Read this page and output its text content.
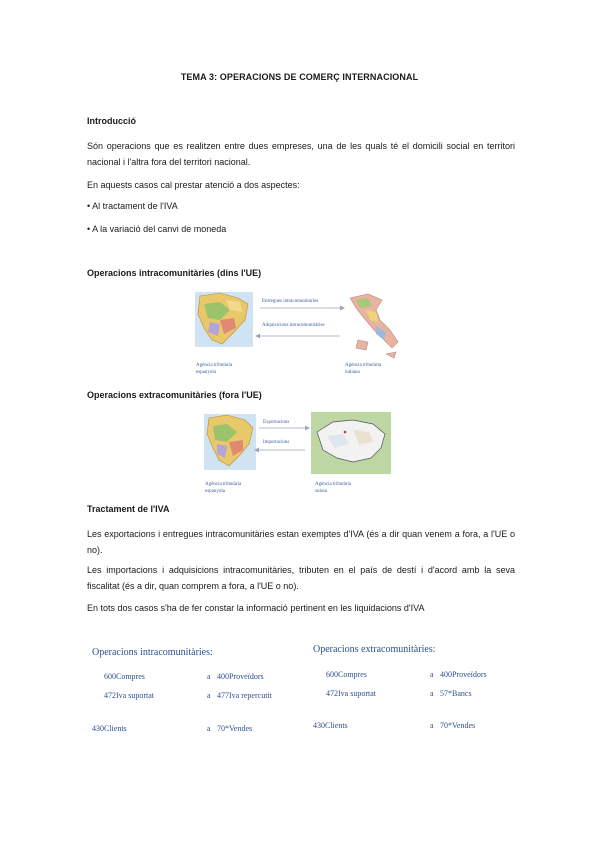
TEMA 3: OPERACIONS DE COMERÇ INTERNACIONAL
Introducció
Són operacions que es realitzen entre dues empreses, una de les quals té el domicili social en territori nacional i l'altra fora del territori nacional.
En aquests casos cal prestar atenció a dos aspectes:
• Al tractament de l'IVA
• A la variació del canvi de moneda
Operacions intracomunitàries (dins l'UE)
Entregues intracomunitàries
Adquisicions intracomunitàries
Agència tributària
espanyola
Agència tributària
italiana
Operacions extracomunitàries (fora l'UE)
Exportacions
Importacions
Agència tributària
espanyola
Agència tributària
suissa
Tractament de l'IVA
Les exportacions i entregues intracomunitàries estan exemptes d'IVA (és a dir quan venem a fora, a l'UE o no).
Les importacions i adquisicions intracomunitàries, tributen en el país de destí i d'acord amb la seva fiscalitat (és a dir, quan comprem a fora, a l'UE o no).
En tots dos casos s'ha de fer constar la informació pertinent en les liquidacions d'IVA
Operacions intracomunitàries:
600Compres	a 400Proveïdors
472Iva suportat	a 477Iva repercutit
430Clients	a 70*Vendes
Operacions extracomunitàries:
600Compres	a 400Proveïdors
472Iva suportat	a 57*Bancs
430Clients	a 70*Vendes
